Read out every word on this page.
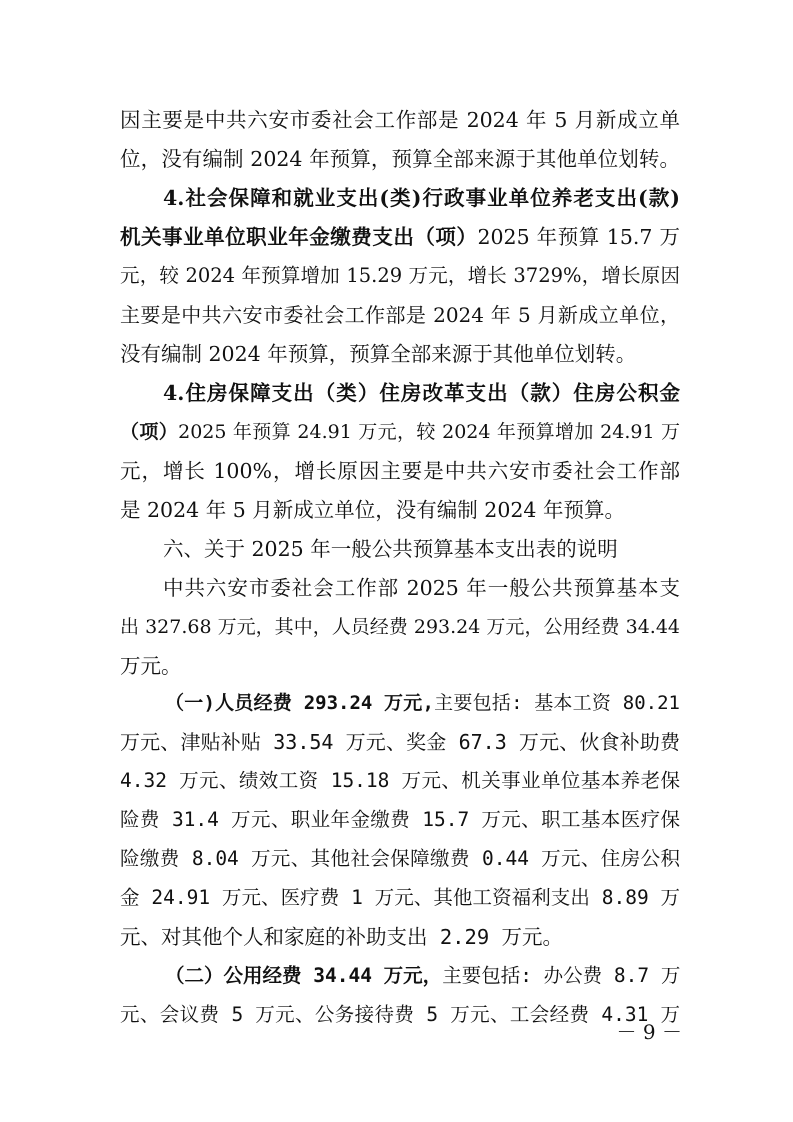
因主要是中共六安市委社会工作部是 2024 年 5 月新成立单
位，没有编制 2024 年预算，预算全部来源于其他单位划转。
4.社会保障和就业支出(类)行政事业单位养老支出(款)
机关事业单位职业年金缴费支出（项）2025 年预算 15.7 万
元，较 2024 年预算增加 15.29 万元，增长 3729%，增长原因
主要是中共六安市委社会工作部是 2024 年 5 月新成立单位，
没有编制 2024 年预算，预算全部来源于其他单位划转。
4.住房保障支出（类）住房改革支出（款）住房公积金
（项）2025 年预算 24.91 万元，较 2024 年预算增加 24.91 万
元，增长 100%，增长原因主要是中共六安市委社会工作部
是 2024 年 5 月新成立单位，没有编制 2024 年预算。
六、关于 2025 年一般公共预算基本支出表的说明
中共六安市委社会工作部 2025 年一般公共预算基本支
出 327.68 万元，其中，人员经费 293.24 万元，公用经费 34.44
万元。
（一)人员经费 293.24 万元,主要包括: 基本工资 80.21
万元、津贴补贴 33.54 万元、奖金 67.3 万元、伙食补助费
4.32 万元、绩效工资 15.18 万元、机关事业单位基本养老保
险费 31.4 万元、职业年金缴费 15.7 万元、职工基本医疗保
险缴费 8.04 万元、其他社会保障缴费 0.44 万元、住房公积
金 24.91 万元、医疗费 1 万元、其他工资福利支出 8.89 万
元、对其他个人和家庭的补助支出 2.29 万元。
（二）公用经费 34.44 万元，主要包括: 办公费 8.7 万
元、会议费 5 万元、公务接待费 5 万元、工会经费 4.31 万
－ 9 －
